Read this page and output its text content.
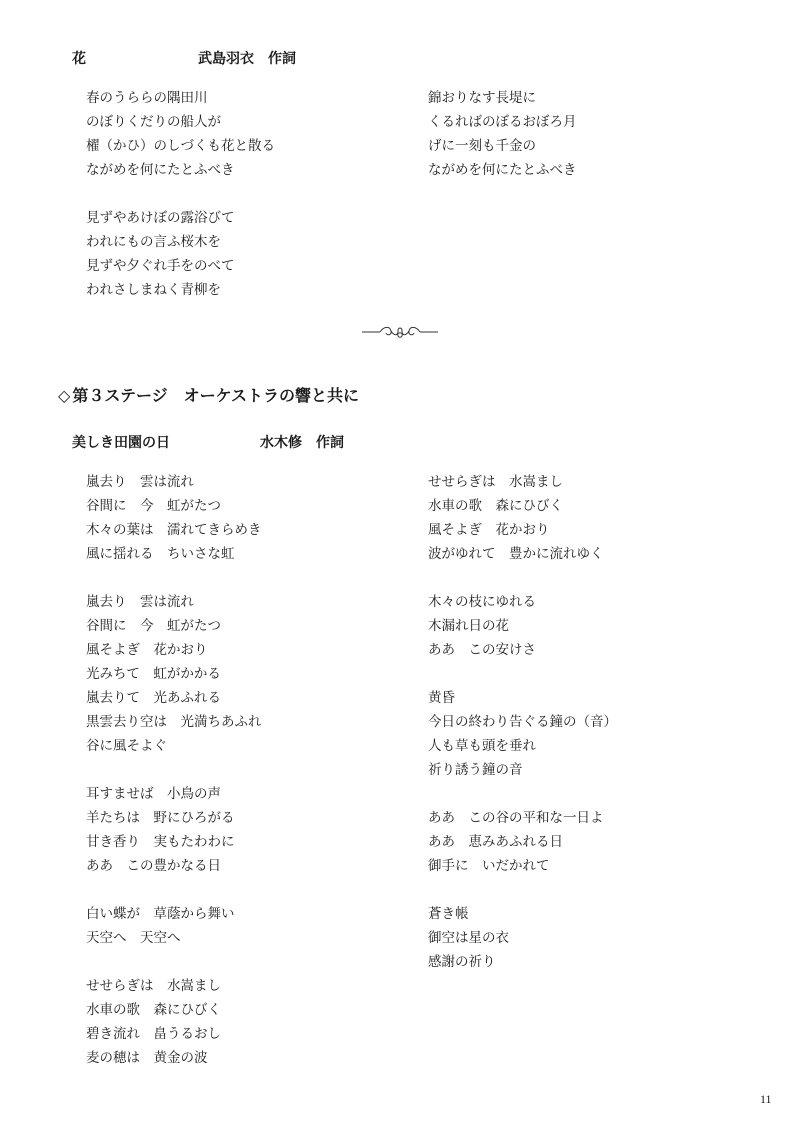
花	武島羽衣　作詞
春のうららの隅田川
のぼりくだりの船人が
櫂（かひ）のしづくも花と散る
ながめを何にたとふべき
見ずやあけぼの露浴びて
われにもの言ふ桜木を
見ずや夕ぐれ手をのべて
われさしまねく青柳を
錦おりなす長堤に
くるればのぼるおぼろ月
げに一刻も千金の
ながめを何にたとふべき
◇ 第３ステージ　オーケストラの響と共に
美しき田園の日	水木修　作詞
嵐去り　雲は流れ
谷間に　今　虹がたつ
木々の葉は　濡れてきらめき
風に揺れる　ちいさな虹
嵐去り　雲は流れ
谷間に　今　虹がたつ
風そよぎ　花かおり
光みちて　虹がかかる
嵐去りて　光あふれる
黒雲去り空は　光満ちあふれ
谷に風そよぐ
耳すませば　小鳥の声
羊たちは　野にひろがる
甘き香り　実もたわわに
ああ　この豊かなる日
白い蝶が　草蔭から舞い
天空へ　天空へ
せせらぎは　水嵩まし
水車の歌　森にひびく
碧き流れ　畠うるおし
麦の穂は　黄金の波
せせらぎは　水嵩まし
水車の歌　森にひびく
風そよぎ　花かおり
波がゆれて　豊かに流れゆく
木々の枝にゆれる
木漏れ日の花
ああ　この安けさ
黄昏
今日の終わり告ぐる鐘の（音）
人も草も頭を垂れ
祈り誘う鐘の音
ああ　この谷の平和な一日よ
ああ　恵みあふれる日
御手に　いだかれて
蒼き帳
御空は星の衣
感謝の祈り
11
